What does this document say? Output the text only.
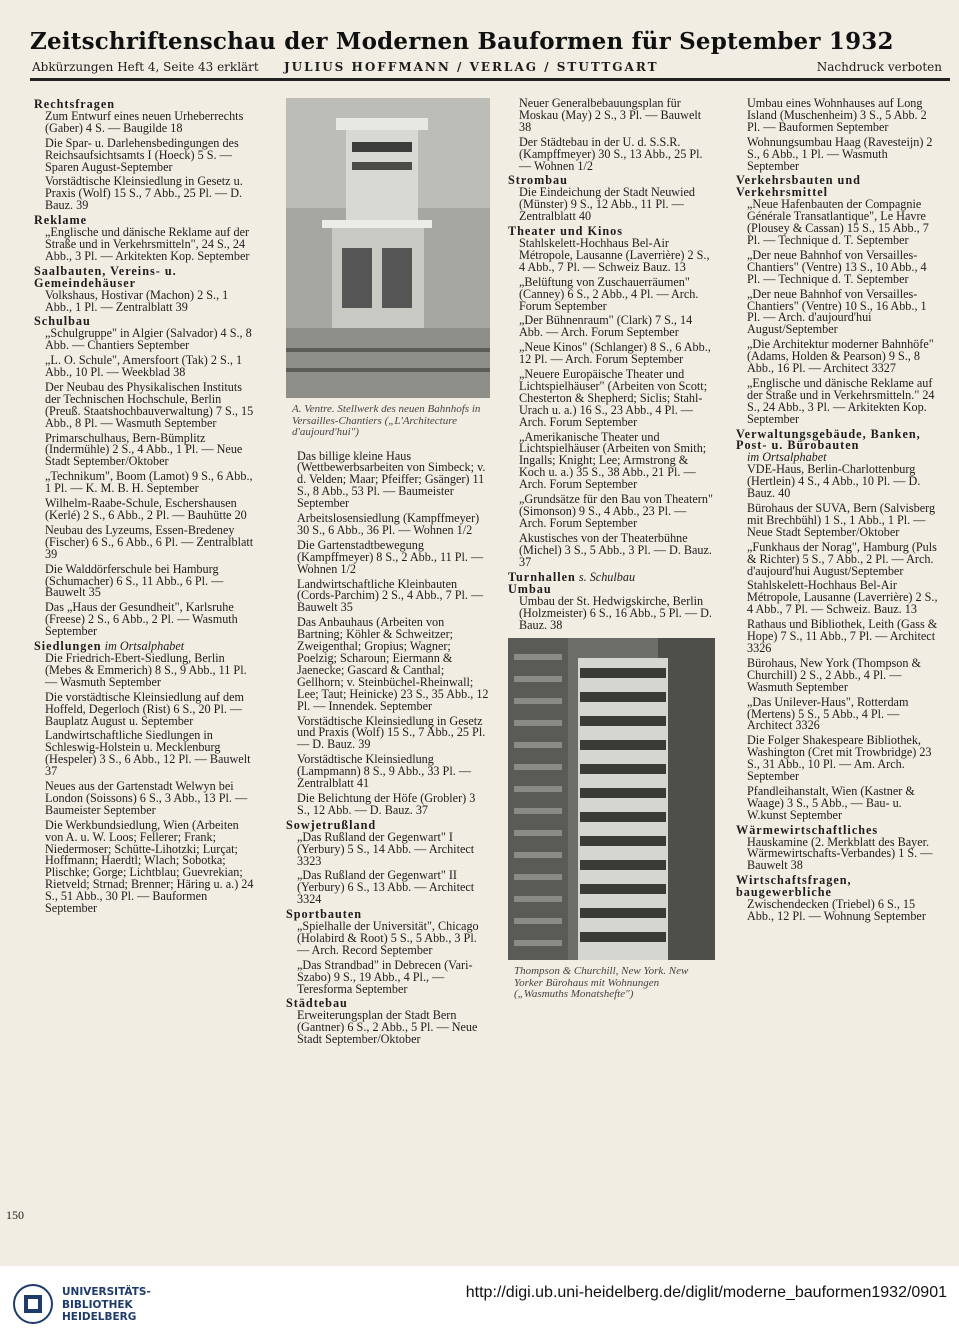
Zeitschriftenschau der Modernen Bauformen für September 1932
Abkürzungen Heft 4, Seite 43 erklärt JULIUS HOFFMANN / VERLAG / STUTTGART	Nachdruck verboten
Rechtsfragen
Zum Entwurf eines neuen Urheberrechts (Gaber) 4 S. — Baugilde 18
Die Spar- u. Darlehensbedingungen des Reichsaufsichtsamts I (Hoeck) 5 S. — Sparen August-September
Vorstädtische Kleinsiedlung in Gesetz u. Praxis (Wolf) 15 S., 7 Abb., 25 Pl. — D. Bauz. 39
Reklame
„Englische und dänische Reklame auf der Straße und in Verkehrsmitteln", 24 S., 24 Abb., 3 Pl. — Arkitekten Kop. September
Saalbauten, Vereins- u. Gemeindehäuser
Volkshaus, Hostivar (Machon) 2 S., 1 Abb., 1 Pl. — Zentralblatt 39
Schulbau
„Schulgruppe" in Algier (Salvador) 4 S., 8 Abb. — Chantiers September
„L. O. Schule", Amersfoort (Tak) 2 S., 1 Abb., 10 Pl. — Weekblad 38
Der Neubau des Physikalischen Instituts der Technischen Hochschule, Berlin (Preuß. Staatshochbauverwaltung) 7 S., 15 Abb., 8 Pl. — Wasmuth September
Primarschulhaus, Bern-Bümplitz (Indermühle) 2 S., 4 Abb., 1 Pl. — Neue Stadt September/Oktober
„Technikum", Boom (Lamot) 9 S., 6 Abb., 1 Pl. — K. M. B. H. September
Wilhelm-Raabe-Schule, Eschershausen (Kerlé) 2 S., 6 Abb., 2 Pl. — Bauhütte 20
Neubau des Lyzeums, Essen-Bredeney (Fischer) 6 S., 6 Abb., 6 Pl. — Zentralblatt 39
Die Walddörferschule bei Hamburg (Schumacher) 6 S., 11 Abb., 6 Pl. — Bauwelt 35
Das „Haus der Gesundheit", Karlsruhe (Freese) 2 S., 6 Abb., 2 Pl. — Wasmuth September
Siedlungen im Ortsalphabet
Die Friedrich-Ebert-Siedlung, Berlin (Mebes & Emmerich) 8 S., 9 Abb., 11 Pl. — Wasmuth September
Die vorstädtische Kleinsiedlung auf dem Hoffeld, Degerloch (Rist) 6 S., 20 Pl. — Bauplatz August u. September
Landwirtschaftliche Siedlungen in Schleswig-Holstein u. Mecklenburg (Hespeler) 3 S., 6 Abb., 12 Pl. — Bauwelt 37
Neues aus der Gartenstadt Welwyn bei London (Soissons) 6 S., 3 Abb., 13 Pl. — Baumeister September
Die Werkbundsiedlung, Wien (Arbeiten von A. u. W. Loos; Fellerer; Frank; Niedermoser; Schütte-Lihotzki; Lurçat; Hoffmann; Haerdtl; Wlach; Sobotka; Plischke; Gorge; Lichtblau; Guevrekian; Rietveld; Strnad; Brenner; Häring u. a.) 24 S., 51 Abb., 30 Pl. — Bauformen September
A. Ventre. Stellwerk des neuen Bahnhofs in Versailles-Chantiers („L'Architecture d'aujourd'hui")
Das billige kleine Haus (Wettbewerbsarbeiten von Simbeck; v. d. Velden; Maar; Pfeiffer; Gsänger) 11 S., 8 Abb., 53 Pl. — Baumeister September
Arbeitslosensiedlung (Kampffmeyer) 30 S., 6 Abb., 36 Pl. — Wohnen 1/2
Die Gartenstadtbewegung (Kampffmeyer) 8 S., 2 Abb., 11 Pl. — Wohnen 1/2
Landwirtschaftliche Kleinbauten (Cords-Parchim) 2 S., 4 Abb., 7 Pl. — Bauwelt 35
Das Anbauhaus (Arbeiten von Bartning; Köhler & Schweitzer; Zweigenthal; Gropius; Wagner; Poelzig; Scharoun; Eiermann & Jaenecke; Gascard & Canthal; Gellhorn; v. Steinbüchel-Rheinwall; Lee; Taut; Heinicke) 23 S., 35 Abb., 12 Pl. — Innendek. September
Vorstädtische Kleinsiedlung in Gesetz und Praxis (Wolf) 15 S., 7 Abb., 25 Pl. — D. Bauz. 39
Vorstädtische Kleinsiedlung (Lampmann) 8 S., 9 Abb., 33 Pl. — Zentralblatt 41
Die Belichtung der Höfe (Grobler) 3 S., 12 Abb. — D. Bauz. 37
Sowjetrußland
„Das Rußland der Gegenwart" I (Yerbury) 5 S., 14 Abb. — Architect 3323
„Das Rußland der Gegenwart" II (Yerbury) 6 S., 13 Abb. — Architect 3324
Sportbauten
„Spielhalle der Universität", Chicago (Holabird & Root) 5 S., 5 Abb., 3 Pl. — Arch. Record September
„Das Strandbad" in Debrecen (Vari-Szabo) 9 S., 19 Abb., 4 Pl., — Teresforma September
Städtebau
Erweiterungsplan der Stadt Bern (Gantner) 6 S., 2 Abb., 5 Pl. — Neue Stadt September/Oktober
Neuer Generalbebauungsplan für Moskau (May) 2 S., 3 Pl. — Bauwelt 38
Der Städtebau in der U. d. S.S.R. (Kampffmeyer) 30 S., 13 Abb., 25 Pl. — Wohnen 1/2
Strombau
Die Eindeichung der Stadt Neuwied (Münster) 9 S., 12 Abb., 11 Pl. — Zentralblatt 40
Theater und Kinos
Stahlskelett-Hochhaus Bel-Air Métropole, Lausanne (Laverrière) 2 S., 4 Abb., 7 Pl. — Schweiz Bauz. 13
„Belüftung von Zuschauerräumen" (Canney) 6 S., 2 Abb., 4 Pl. — Arch. Forum September
„Der Bühnenraum" (Clark) 7 S., 14 Abb. — Arch. Forum September
„Neue Kinos" (Schlanger) 8 S., 6 Abb., 12 Pl. — Arch. Forum September
„Neuere Europäische Theater und Lichtspielhäuser" (Arbeiten von Scott; Chesterton & Shepherd; Siclis; Stahl-Urach u. a.) 16 S., 23 Abb., 4 Pl. — Arch. Forum September
„Amerikanische Theater und Lichtspielhäuser (Arbeiten von Smith; Ingalls; Knight; Lee; Armstrong & Koch u. a.) 35 S., 38 Abb., 21 Pl. — Arch. Forum September
„Grundsätze für den Bau von Theatern" (Simonson) 9 S., 4 Abb., 23 Pl. — Arch. Forum September
Akustisches von der Theaterbühne (Michel) 3 S., 5 Abb., 3 Pl. — D. Bauz. 37
Turnhallen s. Schulbau
Umbau
Umbau der St. Hedwigskirche, Berlin (Holzmeister) 6 S., 16 Abb., 5 Pl. — D. Bauz. 38
Thompson & Churchill, New York. New Yorker Bürohaus mit Wohnungen („Wasmuths Monatshefte")
Umbau eines Wohnhauses auf Long Island (Muschenheim) 3 S., 5 Abb. 2 Pl. — Bauformen September
Wohnungsumbau Haag (Ravesteijn) 2 S., 6 Abb., 1 Pl. — Wasmuth September
Verkehrsbauten und Verkehrsmittel
„Neue Hafenbauten der Compagnie Générale Transatlantique", Le Havre (Plousey & Cassan) 15 S., 15 Abb., 7 Pl. — Technique d. T. September
„Der neue Bahnhof von Versailles-Chantiers" (Ventre) 13 S., 10 Abb., 4 Pl. — Technique d. T. September
„Der neue Bahnhof von Versailles-Chantiers" (Ventre) 10 S., 16 Abb., 1 Pl. — Arch. d'aujourd'hui August/September
„Die Architektur moderner Bahnhöfe" (Adams, Holden & Pearson) 9 S., 8 Abb., 16 Pl. — Architect 3327
„Englische und dänische Reklame auf der Straße und in Verkehrsmitteln." 24 S., 24 Abb., 3 Pl. — Arkitekten Kop. September
Verwaltungsgebäude, Banken, Post- u. Bürobauten
im Ortsalphabet
VDE-Haus, Berlin-Charlottenburg (Hertlein) 4 S., 4 Abb., 10 Pl. — D. Bauz. 40
Bürohaus der SUVA, Bern (Salvisberg mit Brechbühl) 1 S., 1 Abb., 1 Pl. — Neue Stadt September/Oktober
„Funkhaus der Norag", Hamburg (Puls & Richter) 5 S., 7 Abb., 2 Pl. — Arch. d'aujourd'hui August/September
Stahlskelett-Hochhaus Bel-Air Métropole, Lausanne (Laverrière) 2 S., 4 Abb., 7 Pl. — Schweiz. Bauz. 13
Rathaus und Bibliothek, Leith (Gass & Hope) 7 S., 11 Abb., 7 Pl. — Architect 3326
Bürohaus, New York (Thompson & Churchill) 2 S., 2 Abb., 4 Pl. — Wasmuth September
„Das Unilever-Haus", Rotterdam (Mertens) 5 S., 5 Abb., 4 Pl. — Architect 3326
Die Folger Shakespeare Bibliothek, Washington (Cret mit Trowbridge) 23 S., 31 Abb., 10 Pl. — Am. Arch. September
Pfandleihanstalt, Wien (Kastner & Waage) 3 S., 5 Abb., — Bau- u. W.kunst September
Wärmewirtschaftliches
Hauskamine (2. Merkblatt des Bayer. Wärmewirtschafts-Verbandes) 1 S. — Bauwelt 38
Wirtschaftsfragen, baugewerbliche
Zwischendecken (Triebel) 6 S., 15 Abb., 12 Pl. — Wohnung September
150
UNIVERSITÄTS-
BIBLIOTHEK
HEIDELBERG
http://digi.ub.uni-heidelberg.de/diglit/moderne_bauformen1932/0901
